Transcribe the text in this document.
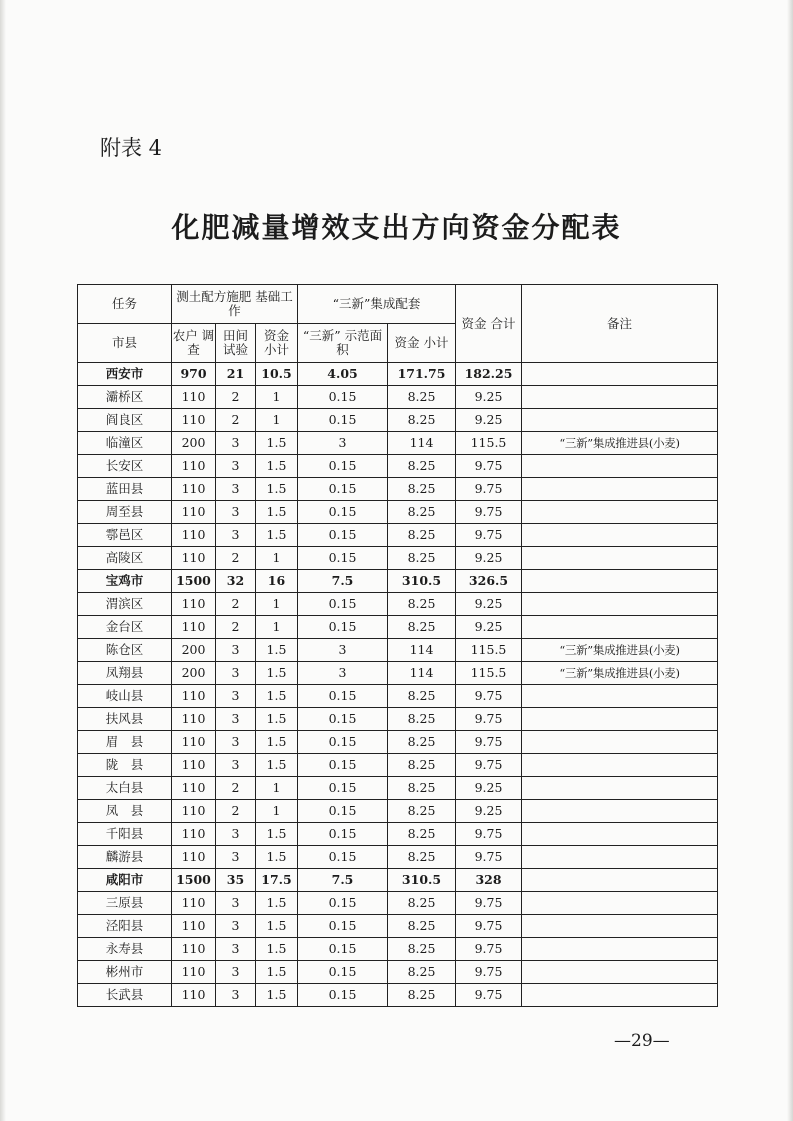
附表 4
化肥减量增效支出方向资金分配表
任务	测土配方施肥 基础工作			“三新”集成配套		资金 合计	备注
市县	农户 调查	田间 试验	资金 小计	“三新” 示范面积	资金 小计		
西安市	970	21	10.5	4.05	171.75	182.25	
灞桥区	110	2	1	0.15	8.25	9.25	
阎良区	110	2	1	0.15	8.25	9.25	
临潼区	200	3	1.5	3	114	115.5	“三新”集成推进县(小麦)
长安区	110	3	1.5	0.15	8.25	9.75	
蓝田县	110	3	1.5	0.15	8.25	9.75	
周至县	110	3	1.5	0.15	8.25	9.75	
鄠邑区	110	3	1.5	0.15	8.25	9.75	
高陵区	110	2	1	0.15	8.25	9.25	
宝鸡市	1500	32	16	7.5	310.5	326.5	
渭滨区	110	2	1	0.15	8.25	9.25	
金台区	110	2	1	0.15	8.25	9.25	
陈仓区	200	3	1.5	3	114	115.5	“三新”集成推进县(小麦)
凤翔县	200	3	1.5	3	114	115.5	“三新”集成推进县(小麦)
岐山县	110	3	1.5	0.15	8.25	9.75	
扶风县	110	3	1.5	0.15	8.25	9.75	
眉　县	110	3	1.5	0.15	8.25	9.75	
陇　县	110	3	1.5	0.15	8.25	9.75	
太白县	110	2	1	0.15	8.25	9.25	
凤　县	110	2	1	0.15	8.25	9.25	
千阳县	110	3	1.5	0.15	8.25	9.75	
麟游县	110	3	1.5	0.15	8.25	9.75	
咸阳市	1500	35	17.5	7.5	310.5	328	
三原县	110	3	1.5	0.15	8.25	9.75	
泾阳县	110	3	1.5	0.15	8.25	9.75	
永寿县	110	3	1.5	0.15	8.25	9.75	
彬州市	110	3	1.5	0.15	8.25	9.75	
长武县	110	3	1.5	0.15	8.25	9.75	
—29—
